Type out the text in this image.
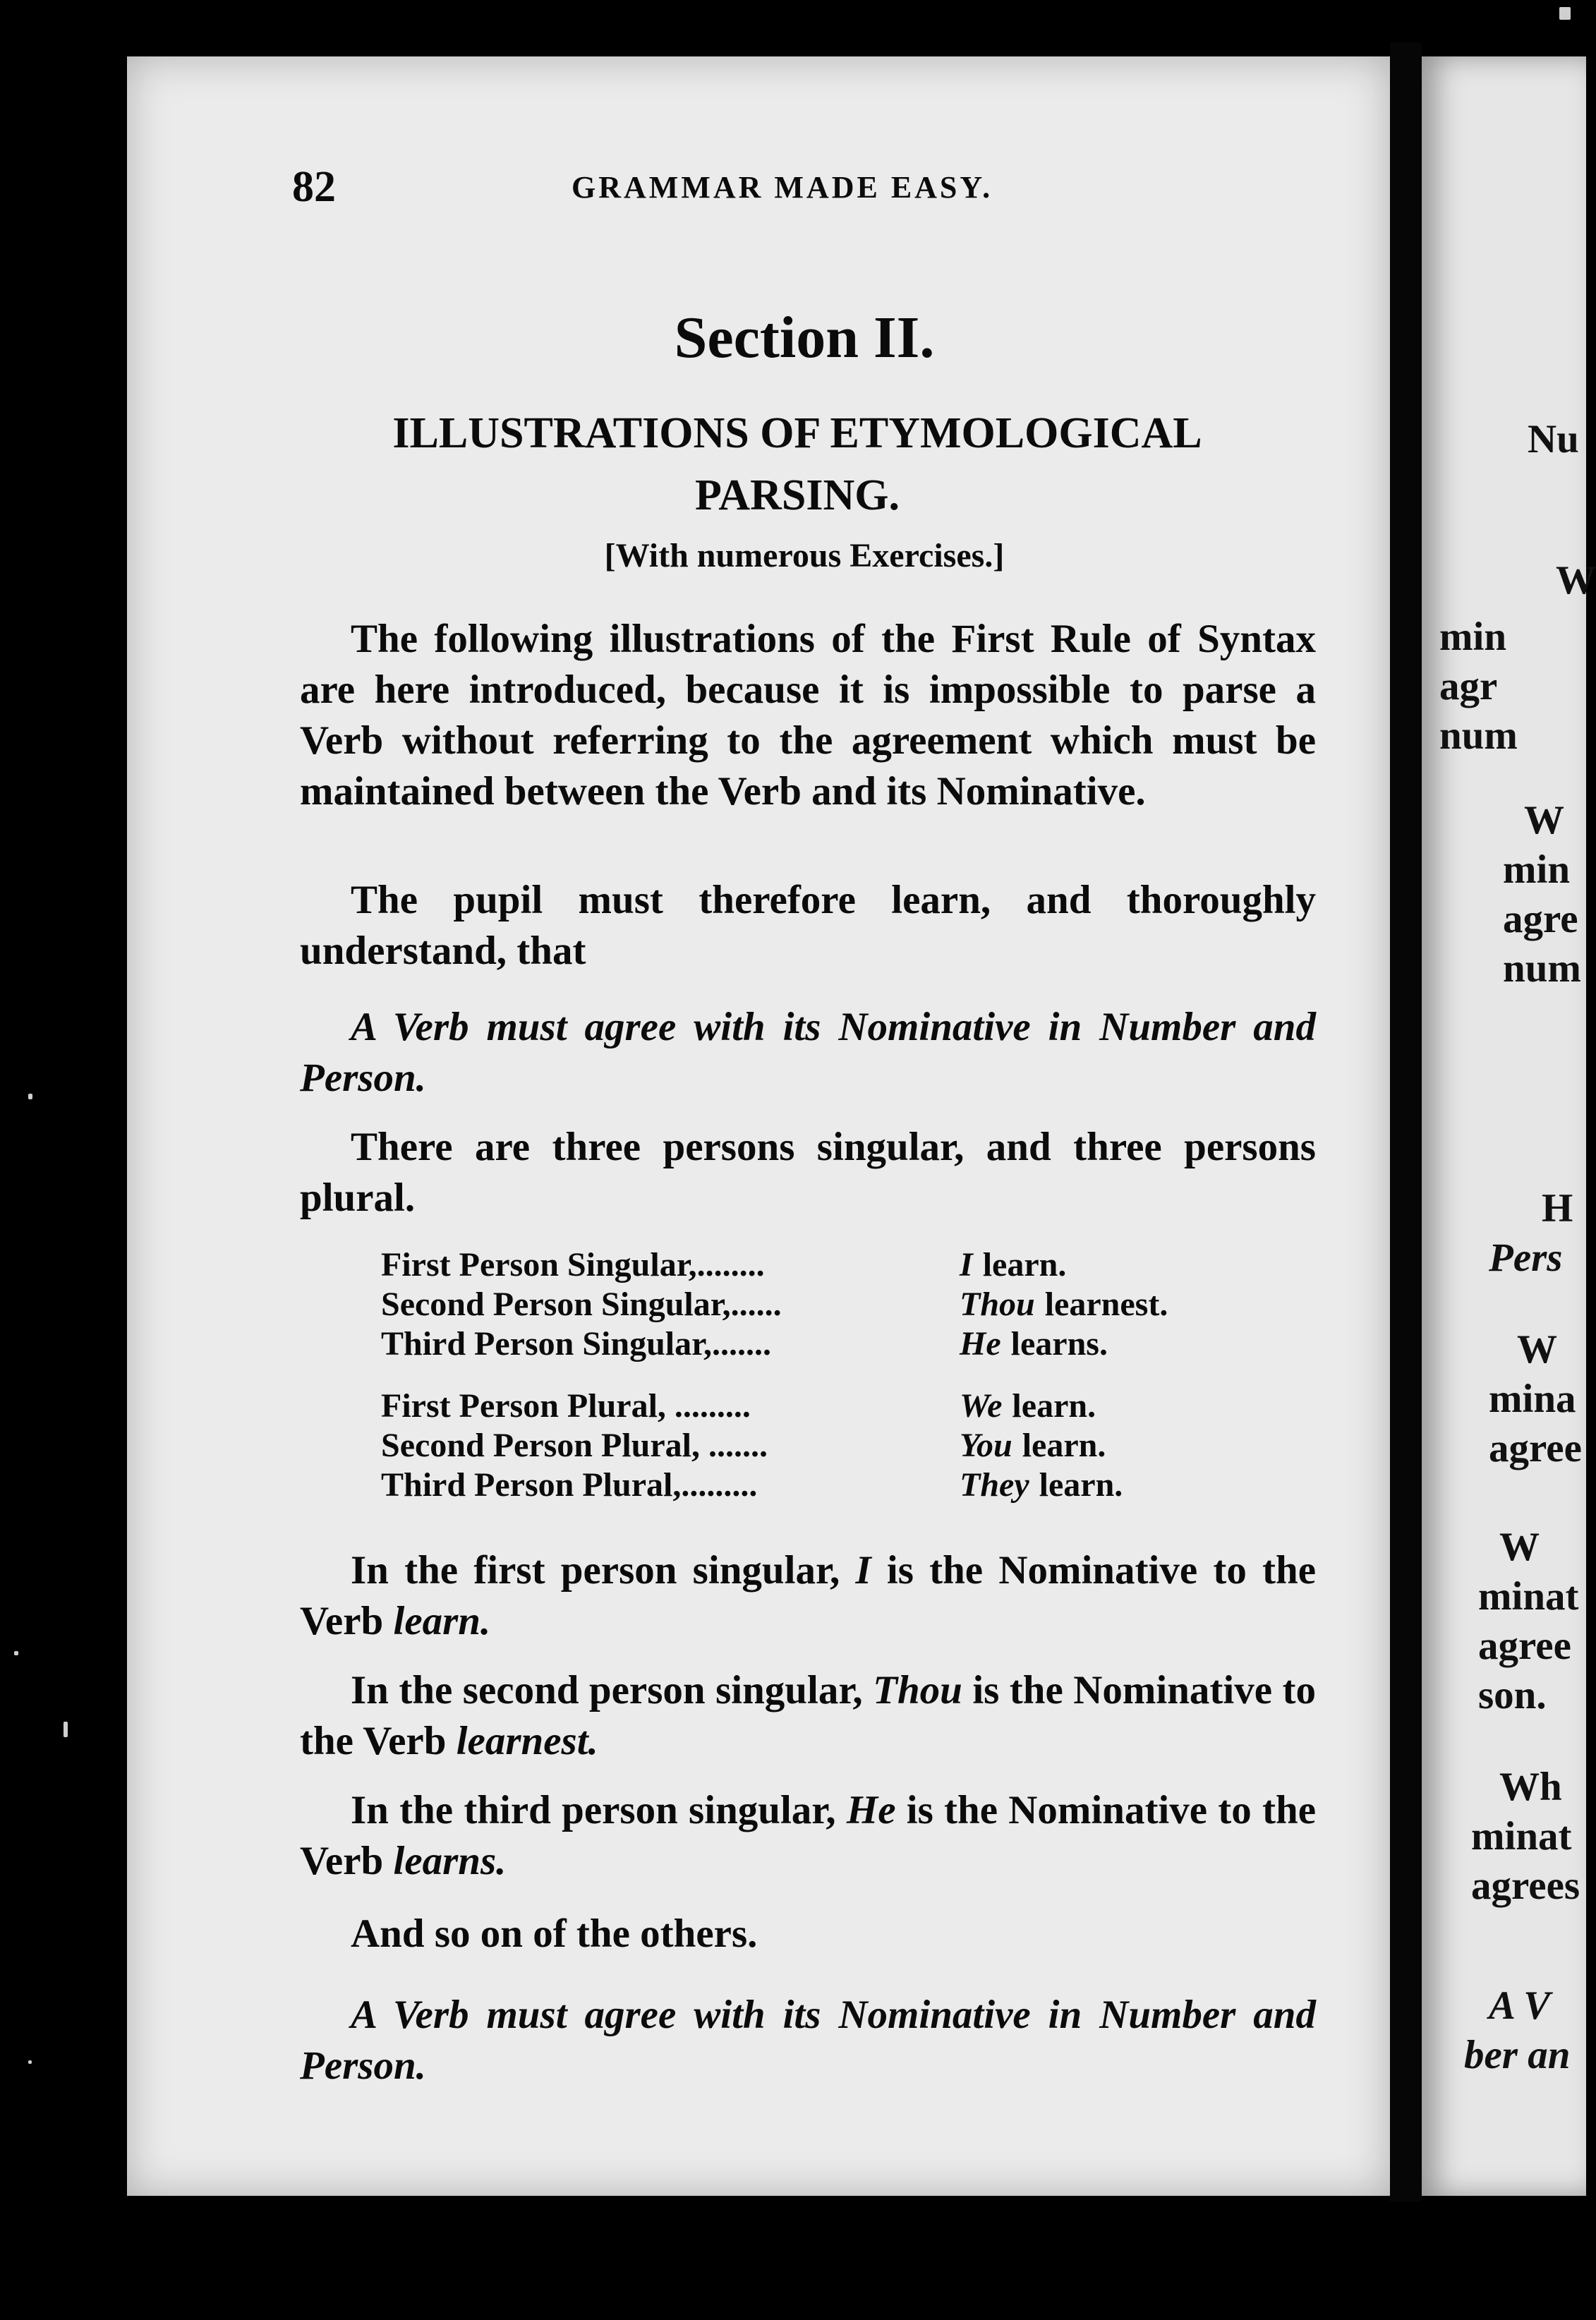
82	GRAMMAR MADE EASY.
Section II.
ILLUSTRATIONS OF ETYMOLOGICAL
PARSING.
[With numerous Exercises.]
The following illustrations of the First Rule of Syntax are here introduced, because it is impossible to parse a Verb without referring to the agreement which must be maintained between the Verb and its Nominative.
The pupil must therefore learn, and thoroughly understand, that
A Verb must agree with its Nominative in Number and Person.
There are three persons singular, and three persons plural.
First Person Singular,........	I learn.
Second Person Singular,......	Thou learnest.
Third Person Singular,.......	He learns.
First Person Plural, .........	We learn.
Second Person Plural, .......	You learn.
Third Person Plural,.........	They learn.
In the first person singular, I is the Nominative to the Verb learn.
In the second person singular, Thou is the Nominative to the Verb learnest.
In the third person singular, He is the Nominative to the Verb learns.
And so on of the others.
A Verb must agree with its Nominative in Number and Person.
Nu
W
min
agr
num
W
min
agre
num
H
Pers
W
mina
agree
W
minat
agree
son.
Wh
minat
agrees
A V
ber an
